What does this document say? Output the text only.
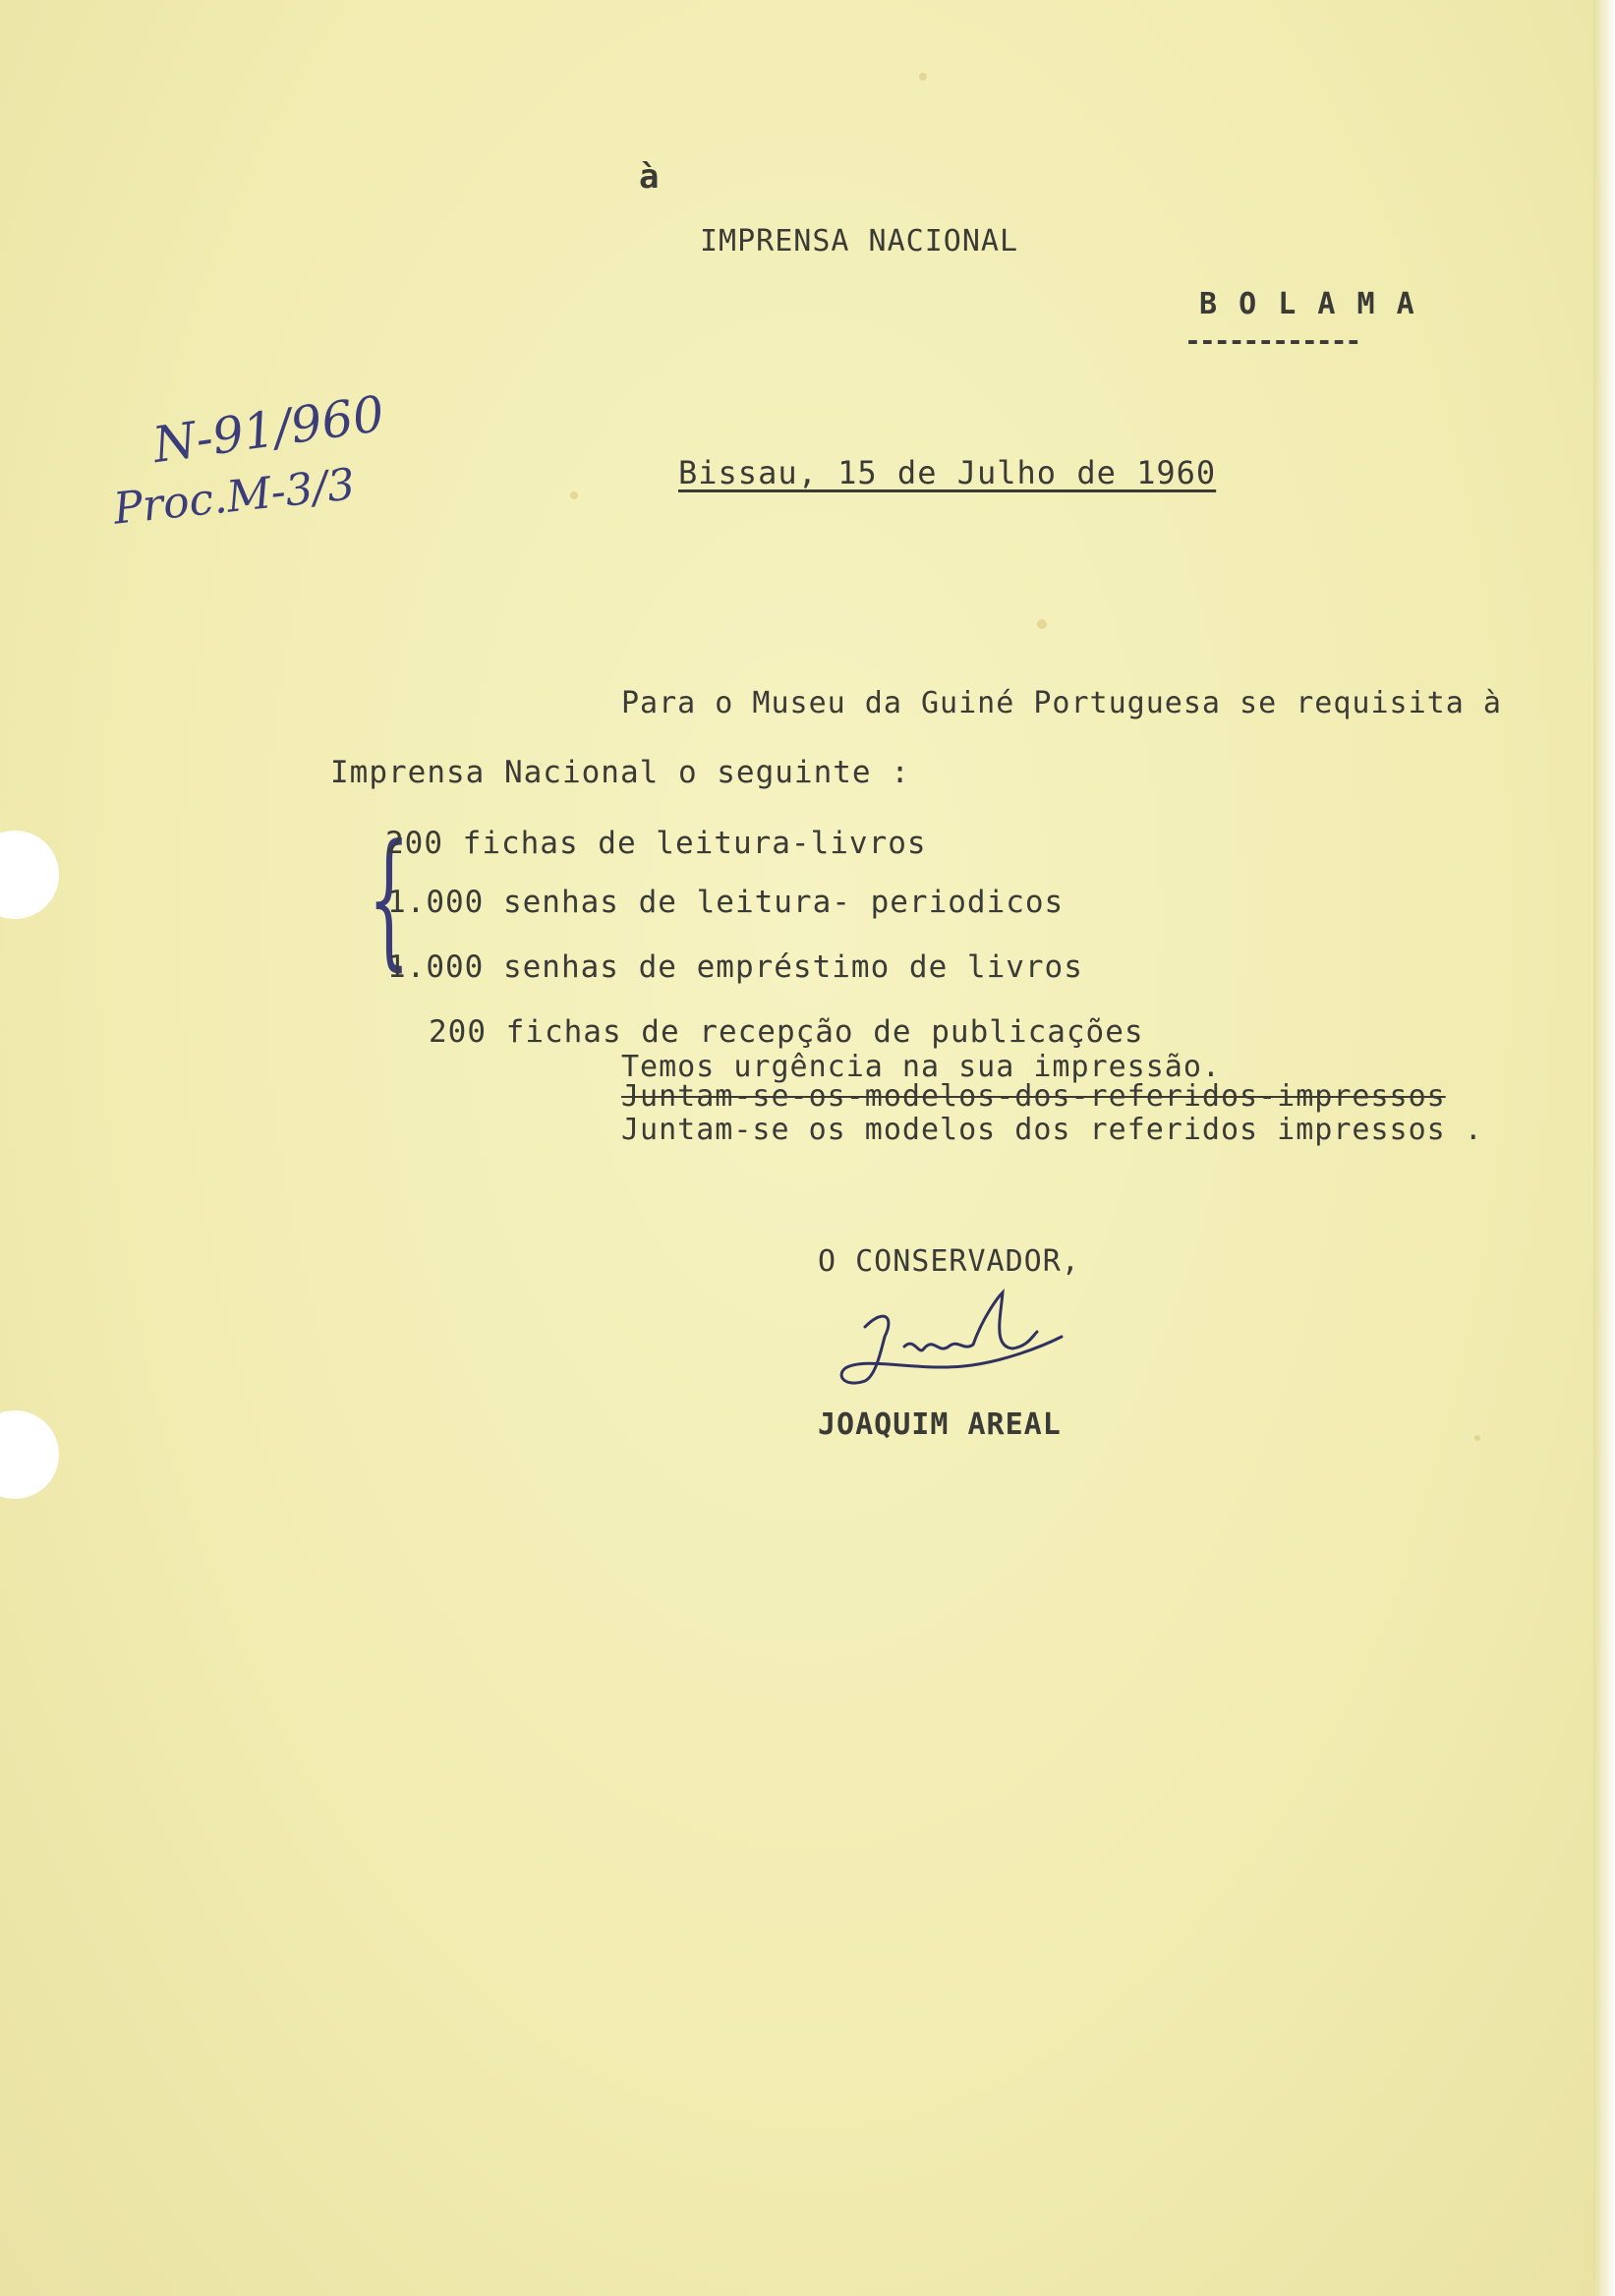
à
IMPRENSA NACIONAL
B O L A M A
------------
N-91/960
Proc.M-3/3	Bissau, 15 de Julho de 1960
Para o Museu da Guiné Portuguesa se requisita à
Imprensa Nacional o seguinte :
{
200 fichas de leitura-livros
1.000 senhas de leitura- periodicos
1.000 senhas de empréstimo de livros
200 fichas de recepção de publicações
Temos urgência na sua impressão.
Juntam-se-os-modelos-dos-referidos-impressos
Juntam-se os modelos dos referidos impressos .
O CONSERVADOR,
JOAQUIM AREAL
